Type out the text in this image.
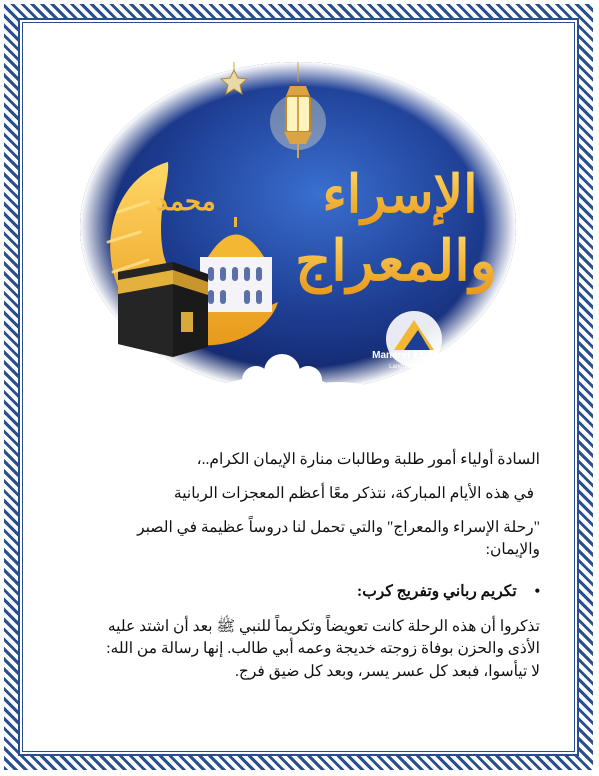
محمد الإسراء
والمعراج
Manaret EL Eman
Language Schools
السادة أولياء أمور طلبة وطالبات منارة الإيمان الكرام..،
في هذه الأيام المباركة، نتذكر معًا أعظم المعجزات الربانية
"رحلة الإسراء والمعراج" والتي تحمل لنا دروساً عظيمة في الصبر
والإيمان:
• تكريم رباني وتفريج كرب:
تذكروا أن هذه الرحلة كانت تعويضاً وتكريماً للنبي ﷺ بعد أن اشتد عليه
الأذى والحزن بوفاة زوجته خديجة وعمه أبي طالب. إنها رسالة من الله:
لا تيأسوا، فبعد كل عسر يسر، وبعد كل ضيق فرج.
